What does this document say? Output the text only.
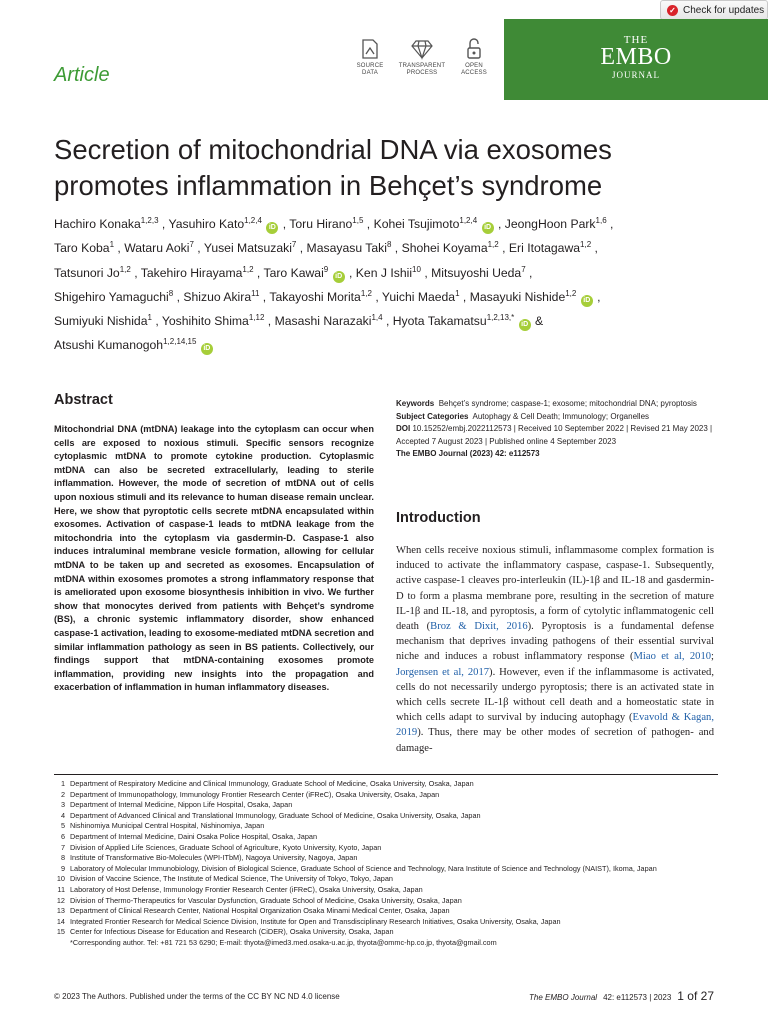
✓ Check for updates
Article	SOURCE
DATA
TRANSPARENT
PROCESS
OPEN
ACCESS
THE
EMBO
JOURNAL
Secretion of mitochondrial DNA via exosomes promotes inflammation in Behçet’s syndrome
Hachiro Konaka$^{1,2,3}$ , Yasuhiro Kato$^{1,2,4}$ iD , Toru Hirano$^{1,5}$ , Kohei Tsujimoto$^{1,2,4}$ iD , JeongHoon Park$^{1,6}$ ,
Taro Koba$^1$ , Wataru Aoki$^7$ , Yusei Matsuzaki$^7$ , Masayasu Taki$^8$ , Shohei Koyama$^{1,2}$ , Eri Itotagawa$^{1,2}$ ,
Tatsunori Jo$^{1,2}$ , Takehiro Hirayama$^{1,2}$ , Taro Kawai$^9$ iD , Ken J Ishii$^{10}$ , Mitsuyoshi Ueda$^7$ ,
Shigehiro Yamaguchi$^8$ , Shizuo Akira$^{11}$ , Takayoshi Morita$^{1,2}$ , Yuichi Maeda$^1$ , Masayuki Nishide$^{1,2}$ iD ,
Sumiyuki Nishida$^1$ , Yoshihito Shima$^{1,12}$ , Masashi Narazaki$^{1,4}$ , Hyota Takamatsu$^{1,2,13,*}$ iD &
Atsushi Kumanogoh$^{1,2,14,15}$ iD
Abstract
Mitochondrial DNA (mtDNA) leakage into the cytoplasm can occur when cells are exposed to noxious stimuli. Specific sensors recognize cytoplasmic mtDNA to promote cytokine production. Cytoplasmic mtDNA can also be secreted extracellularly, leading to sterile inflammation. However, the mode of secretion of mtDNA out of cells upon noxious stimuli and its relevance to human disease remain unclear. Here, we show that pyroptotic cells secrete mtDNA encapsulated within exosomes. Activation of caspase-1 leads to mtDNA leakage from the mitochondria into the cytoplasm via gasdermin-D. Caspase-1 also induces intraluminal membrane vesicle formation, allowing for cellular mtDNA to be taken up and secreted as exosomes. Encapsulation of mtDNA within exosomes promotes a strong inflammatory response that is ameliorated upon exosome biosynthesis inhibition in vivo. We further show that monocytes derived from patients with Behçet’s syndrome (BS), a chronic systemic inflammatory disorder, show enhanced caspase-1 activation, leading to exosome-mediated mtDNA secretion and similar inflammation pathology as seen in BS patients. Collectively, our findings support that mtDNA-containing exosomes promote inflammation, providing new insights into the propagation and exacerbation of inflammation in human inflammatory diseases.
Keywords Behçet’s syndrome; caspase-1; exosome; mitochondrial DNA; pyroptosis
Subject Categories Autophagy & Cell Death; Immunology; Organelles
DOI 10.15252/embj.2022112573 | Received 10 September 2022 | Revised 21 May 2023 | Accepted 7 August 2023 | Published online 4 September 2023
The EMBO Journal (2023) 42: e112573
Introduction
When cells receive noxious stimuli, inflammasome complex formation is induced to activate the inflammatory caspase, caspase-1. Subsequently, active caspase-1 cleaves pro-interleukin (IL)-1β and IL-18 and gasdermin-D to form a plasma membrane pore, resulting in the secretion of mature IL-1β and IL-18, and pyroptosis, a form of cytolytic inflammatogenic cell death (Broz & Dixit, 2016). Pyroptosis is a fundamental defense mechanism that deprives invading pathogens of their essential survival niche and induces a robust inflammatory response (Miao et al, 2010; Jorgensen et al, 2017). However, even if the inflammasome is activated, cells do not necessarily undergo pyroptosis; there is an activated state in which cells secrete IL-1β without cell death and a homeostatic state in which cells adapt to survival by inducing autophagy (Evavold & Kagan, 2019). Thus, there may be other modes of secretion of pathogen- and damage-
1 Department of Respiratory Medicine and Clinical Immunology, Graduate School of Medicine, Osaka University, Osaka, Japan
2 Department of Immunopathology, Immunology Frontier Research Center (iFReC), Osaka University, Osaka, Japan
3 Department of Internal Medicine, Nippon Life Hospital, Osaka, Japan
4 Department of Advanced Clinical and Translational Immunology, Graduate School of Medicine, Osaka University, Osaka, Japan
5 Nishinomiya Municipal Central Hospital, Nishinomiya, Japan
6 Department of Internal Medicine, Daini Osaka Police Hospital, Osaka, Japan
7 Division of Applied Life Sciences, Graduate School of Agriculture, Kyoto University, Kyoto, Japan
8 Institute of Transformative Bio-Molecules (WPI-ITbM), Nagoya University, Nagoya, Japan
9 Laboratory of Molecular Immunobiology, Division of Biological Science, Graduate School of Science and Technology, Nara Institute of Science and Technology (NAIST), Ikoma, Japan
10 Division of Vaccine Science, The Institute of Medical Science, The University of Tokyo, Tokyo, Japan
11 Laboratory of Host Defense, Immunology Frontier Research Center (iFReC), Osaka University, Osaka, Japan
12 Division of Thermo-Therapeutics for Vascular Dysfunction, Graduate School of Medicine, Osaka University, Osaka, Japan
13 Department of Clinical Research Center, National Hospital Organization Osaka Minami Medical Center, Osaka, Japan
14 Integrated Frontier Research for Medical Science Division, Institute for Open and Transdisciplinary Research Initiatives, Osaka University, Osaka, Japan
15 Center for Infectious Disease for Education and Research (CiDER), Osaka University, Osaka, Japan
*Corresponding author. Tel: +81 721 53 6290; E-mail: thyota@imed3.med.osaka-u.ac.jp, thyota@ommc-hp.co.jp, thyota@gmail.com
© 2023 The Authors. Published under the terms of the CC BY NC ND 4.0 license	The EMBO Journal 42: e112573 | 2023 1 of 27
